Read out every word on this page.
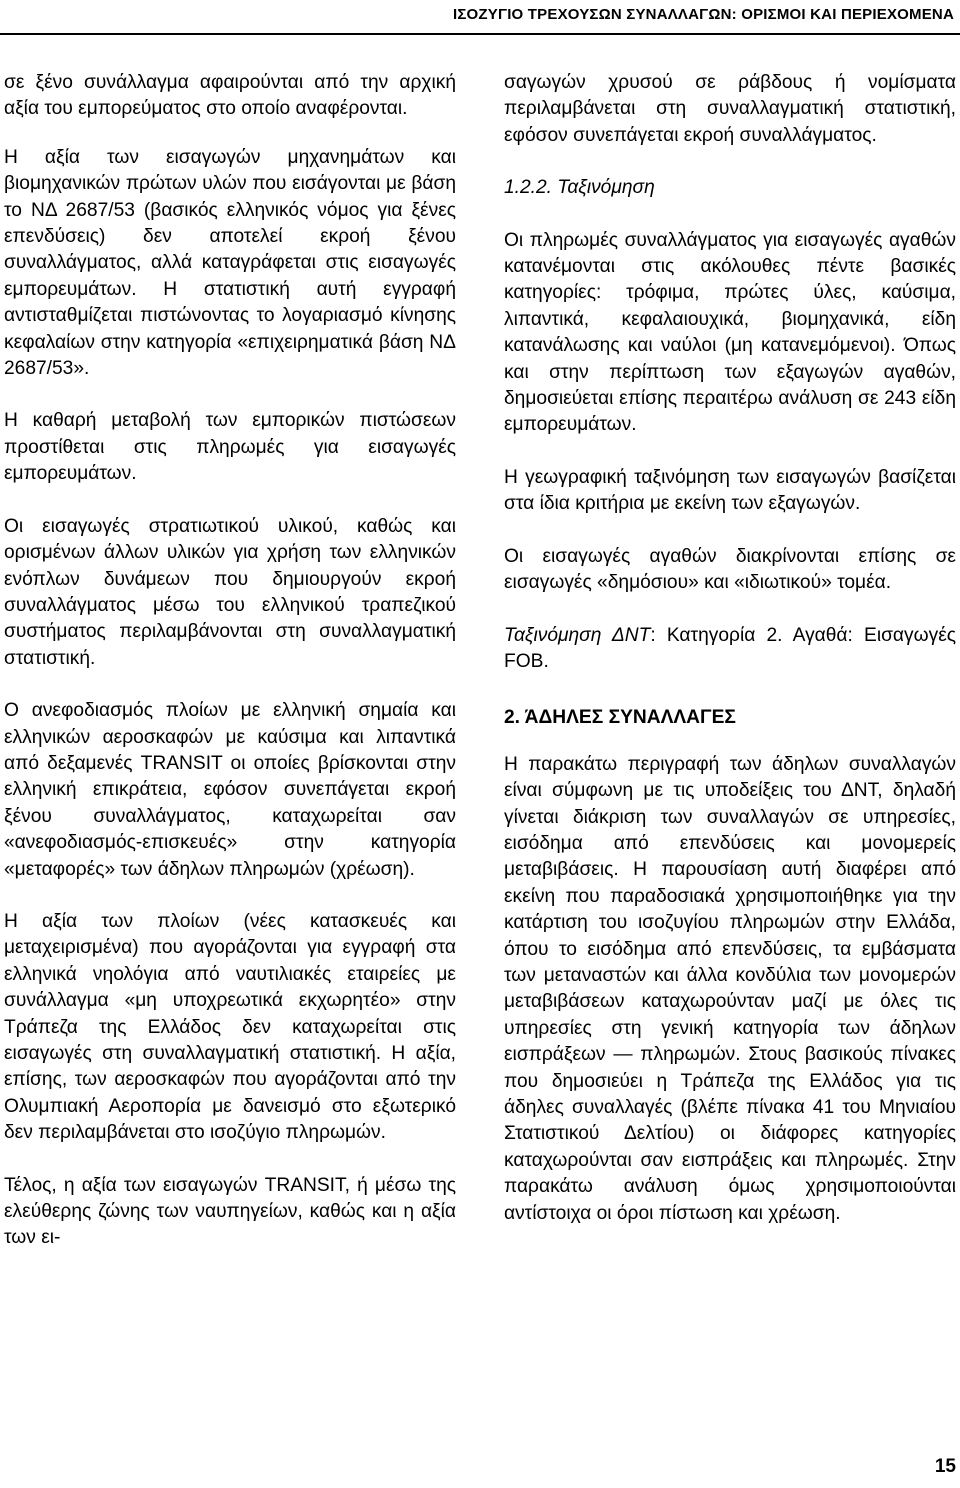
ΙΣΟΖΥΓΙΟ ΤΡΕΧΟΥΣΩΝ ΣΥΝΑΛΛΑΓΩΝ: ΟΡΙΣΜΟΙ ΚΑΙ ΠΕΡΙΕΧΟΜΕΝΑ

σε ξένο συνάλλαγμα αφαιρούνται από την αρχική αξία του εμπορεύματος στο οποίο αναφέρονται.

Η αξία των εισαγωγών μηχανημάτων και βιομηχανικών πρώτων υλών που εισάγονται με βάση το ΝΔ 2687/53 (βασικός ελληνικός νόμος για ξένες επενδύσεις) δεν αποτελεί εκροή ξένου συναλλάγματος, αλλά καταγράφεται στις εισαγωγές εμπορευμάτων. Η στατιστική αυτή εγγραφή αντισταθμίζεται πιστώνοντας το λογαριασμό κίνησης κεφαλαίων στην κατηγορία «επιχειρηματικά βάση ΝΔ 2687/53».

Η καθαρή μεταβολή των εμπορικών πιστώσεων προστίθεται στις πληρωμές για εισαγωγές εμπορευμάτων.

Οι εισαγωγές στρατιωτικού υλικού, καθώς και ορισμένων άλλων υλικών για χρήση των ελληνικών ενόπλων δυνάμεων που δημιουργούν εκροή συναλλάγματος μέσω του ελληνικού τραπεζικού συστήματος περιλαμβάνονται στη συναλλαγματική στατιστική.

Ο ανεφοδιασμός πλοίων με ελληνική σημαία και ελληνικών αεροσκαφών με καύσιμα και λιπαντικά από δεξαμενές TRANSIT οι οποίες βρίσκονται στην ελληνική επικράτεια, εφόσον συνεπάγεται εκροή ξένου συναλλάγματος, καταχωρείται σαν «ανεφοδιασμός-επισκευές» στην κατηγορία «μεταφορές» των άδηλων πληρωμών (χρέωση).

Η αξία των πλοίων (νέες κατασκευές και μεταχειρισμένα) που αγοράζονται για εγγραφή στα ελληνικά νηολόγια από ναυτιλιακές εταιρείες με συνάλλαγμα «μη υποχρεωτικά εκχωρητέο» στην Τράπεζα της Ελλάδος δεν καταχωρείται στις εισαγωγές στη συναλλαγματική στατιστική. Η αξία, επίσης, των αεροσκαφών που αγοράζονται από την Ολυμπιακή Αεροπορία με δανεισμό στο εξωτερικό δεν περιλαμβάνεται στο ισοζύγιο πληρωμών.

Τέλος, η αξία των εισαγωγών TRANSIT, ή μέσω της ελεύθερης ζώνης των ναυπηγείων, καθώς και η αξία των ει-

σαγωγών χρυσού σε ράβδους ή νομίσματα περιλαμβάνεται στη συναλλαγματική στατιστική, εφόσον συνεπάγεται εκροή συναλλάγματος.

1.2.2. Ταξινόμηση

Οι πληρωμές συναλλάγματος για εισαγωγές αγαθών κατανέμονται στις ακόλουθες πέντε βασικές κατηγορίες: τρόφιμα, πρώτες ύλες, καύσιμα, λιπαντικά, κεφαλαιουχικά, βιομηχανικά, είδη κατανάλωσης και ναύλοι (μη κατανεμόμενοι). Όπως και στην περίπτωση των εξαγωγών αγαθών, δημοσιεύεται επίσης περαιτέρω ανάλυση σε 243 είδη εμπορευμάτων.

Η γεωγραφική ταξινόμηση των εισαγωγών βασίζεται στα ίδια κριτήρια με εκείνη των εξαγωγών.

Οι εισαγωγές αγαθών διακρίνονται επίσης σε εισαγωγές «δημόσιου» και «ιδιωτικού» τομέα.

Ταξινόμηση ΔΝΤ: Κατηγορία 2. Αγαθά: Εισαγωγές FOB.

2. ΆΔΗΛΕΣ ΣΥΝΑΛΛΑΓΕΣ

Η παρακάτω περιγραφή των άδηλων συναλλαγών είναι σύμφωνη με τις υποδείξεις του ΔΝΤ, δηλαδή γίνεται διάκριση των συναλλαγών σε υπηρεσίες, εισόδημα από επενδύσεις και μονομερείς μεταβιβάσεις. Η παρουσίαση αυτή διαφέρει από εκείνη που παραδοσιακά χρησιμοποιήθηκε για την κατάρτιση του ισοζυγίου πληρωμών στην Ελλάδα, όπου το εισόδημα από επενδύσεις, τα εμβάσματα των μεταναστών και άλλα κονδύλια των μονομερών μεταβιβάσεων καταχωρούνταν μαζί με όλες τις υπηρεσίες στη γενική κατηγορία των άδηλων εισπράξεων — πληρωμών. Στους βασικούς πίνακες που δημοσιεύει η Τράπεζα της Ελλάδος για τις άδηλες συναλλαγές (βλέπε πίνακα 41 του Μηνιαίου Στατιστικού Δελτίου) οι διάφορες κατηγορίες καταχωρούνται σαν εισπράξεις και πληρωμές. Στην παρακάτω ανάλυση όμως χρησιμοποιούνται αντίστοιχα οι όροι πίστωση και χρέωση.

15
